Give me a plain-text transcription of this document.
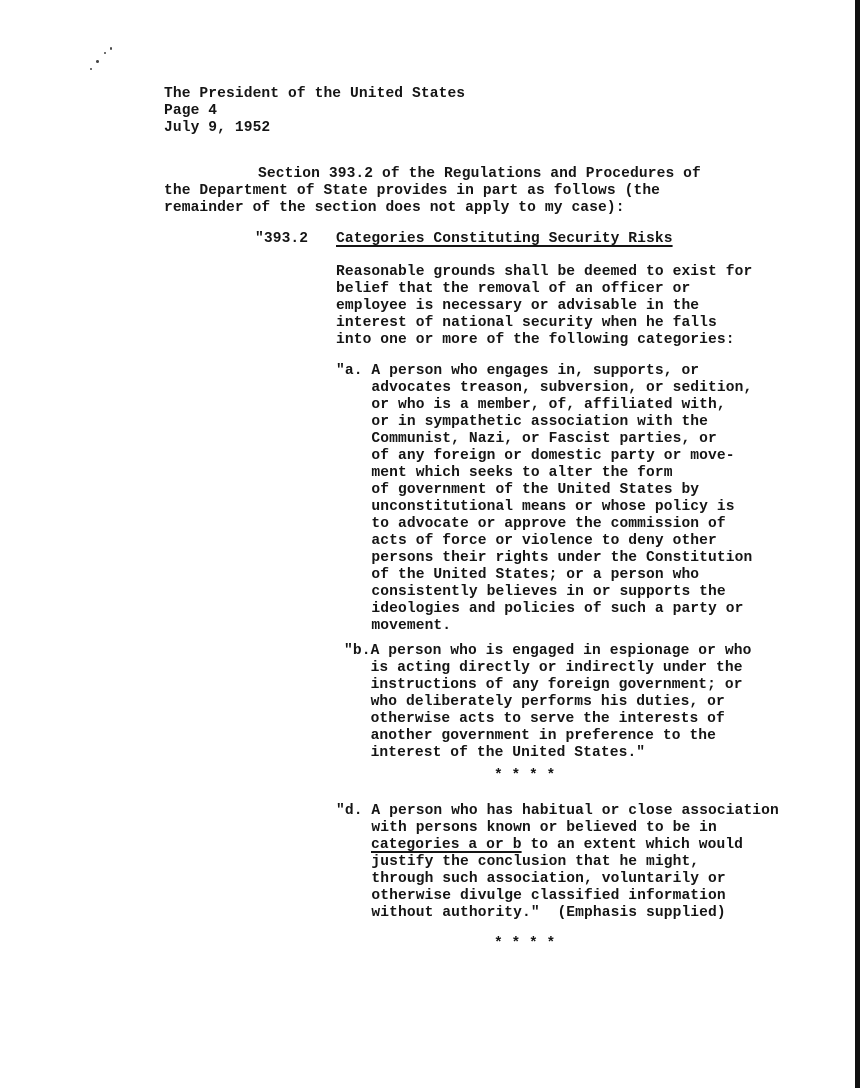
The President of the United States

Page 4

July 9, 1952

Section 393.2 of the Regulations and Procedures of

the Department of State provides in part as follows (the

remainder of the section does not apply to my case):

"393.2 Categories Constituting Security Risks

Reasonable grounds shall be deemed to exist for

belief that the removal of an officer or

employee is necessary or advisable in the

interest of national security when he falls

into one or more of the following categories:

"a. A person who engages in, supports, or

advocates treason, subversion, or sedition,

or who is a member, of, affiliated with,

or in sympathetic association with the

Communist, Nazi, or Fascist parties, or

of any foreign or domestic party or move-

ment which seeks to alter the form

of government of the United States by

unconstitutional means or whose policy is

to advocate or approve the commission of

acts of force or violence to deny other

persons their rights under the Constitution

of the United States; or a person who

consistently believes in or supports the

ideologies and policies of such a party or

movement.

"b.A person who is engaged in espionage or who

is acting directly or indirectly under the

instructions of any foreign government; or

who deliberately performs his duties, or

otherwise acts to serve the interests of

another government in preference to the

interest of the United States."

* * * *

"d. A person who has habitual or close association

with persons known or believed to be in

categories a or b to an extent which would

justify the conclusion that he might,

through such association, voluntarily or

otherwise divulge classified information

without authority."  (Emphasis supplied)

* * * *
